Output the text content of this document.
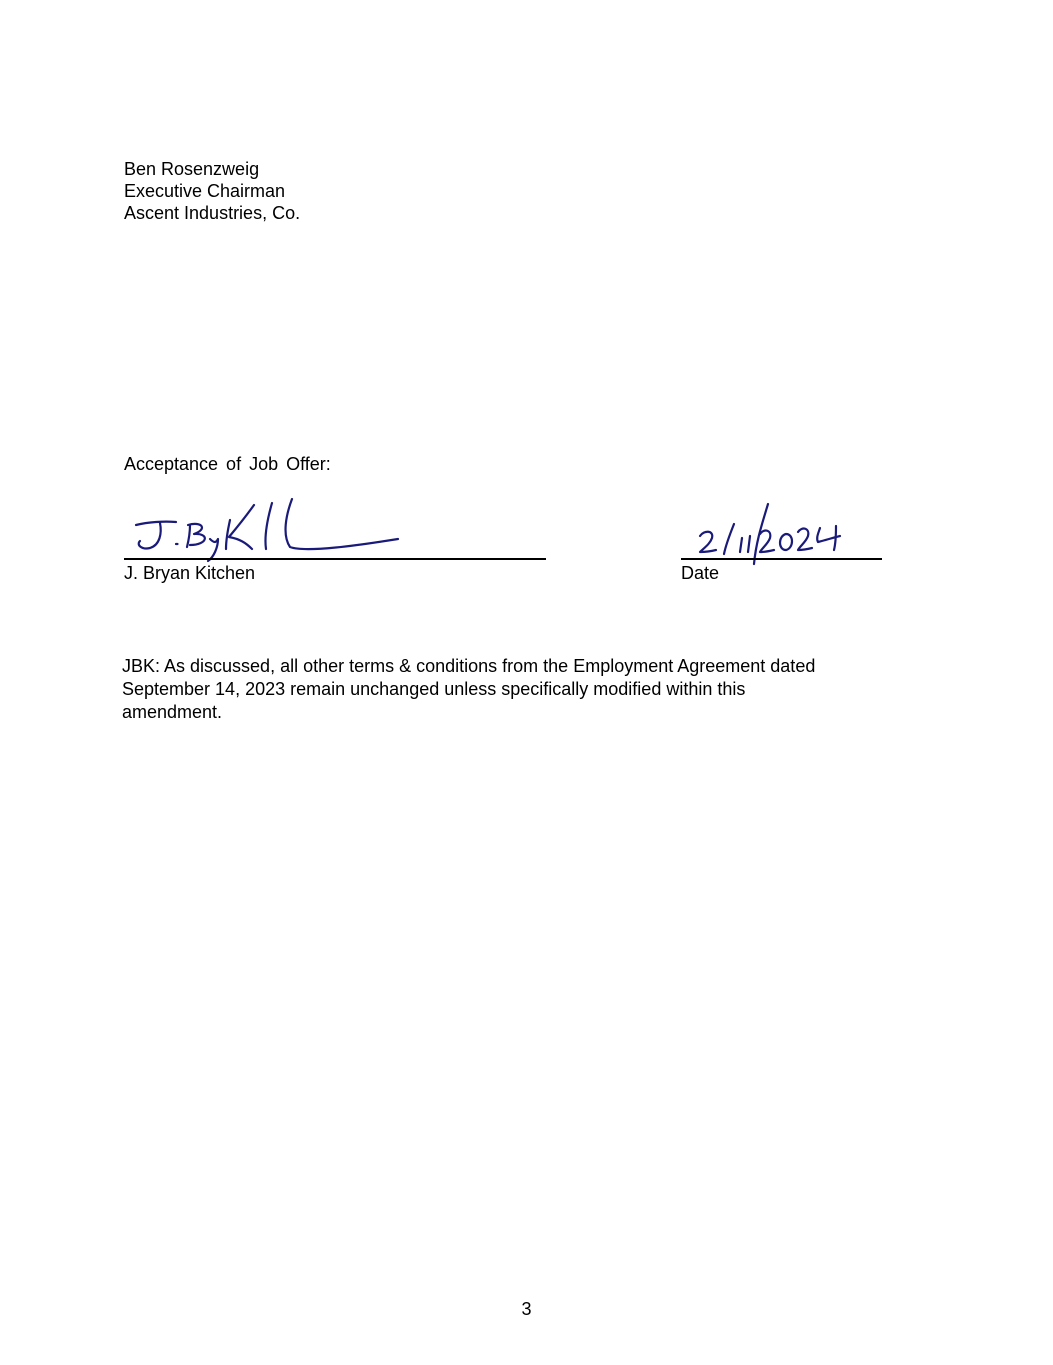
Ben Rosenzweig
Executive Chairman
Ascent Industries, Co.
Acceptance of Job Offer:
J. Bryan Kitchen	Date
JBK: As discussed, all other terms & conditions from the Employment Agreement dated
September 14, 2023 remain unchanged unless specifically modified within this
amendment.
3
